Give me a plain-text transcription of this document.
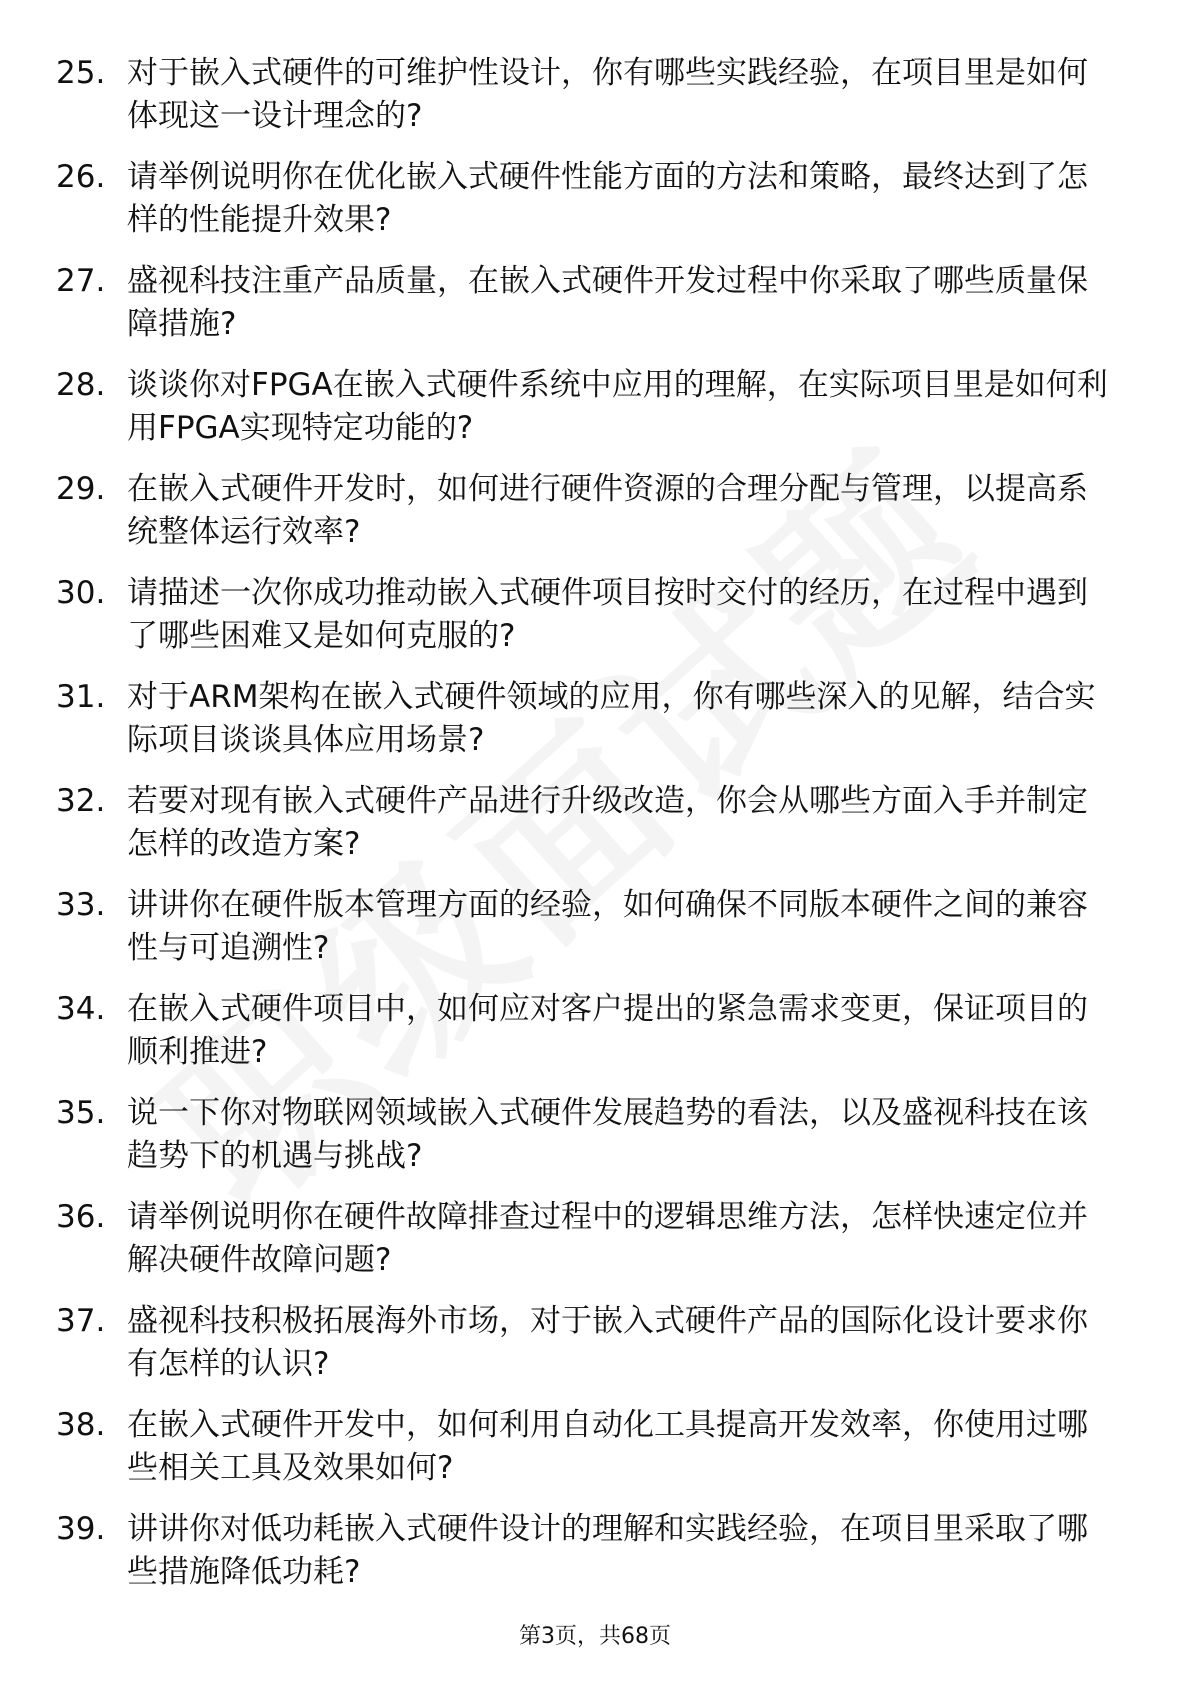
25. 对于嵌入式硬件的可维护性设计，你有哪些实践经验，在项目里是如何体现这一设计理念的?
26. 请举例说明你在优化嵌入式硬件性能方面的方法和策略，最终达到了怎样的性能提升效果?
27. 盛视科技注重产品质量，在嵌入式硬件开发过程中你采取了哪些质量保障措施?
28. 谈谈你对FPGA在嵌入式硬件系统中应用的理解，在实际项目里是如何利用FPGA实现特定功能的?
29. 在嵌入式硬件开发时，如何进行硬件资源的合理分配与管理，以提高系统整体运行效率?
30. 请描述一次你成功推动嵌入式硬件项目按时交付的经历，在过程中遇到了哪些困难又是如何克服的?
31. 对于ARM架构在嵌入式硬件领域的应用，你有哪些深入的见解，结合实际项目谈谈具体应用场景?
32. 若要对现有嵌入式硬件产品进行升级改造，你会从哪些方面入手并制定怎样的改造方案?
33. 讲讲你在硬件版本管理方面的经验，如何确保不同版本硬件之间的兼容性与可追溯性?
34. 在嵌入式硬件项目中，如何应对客户提出的紧急需求变更，保证项目的顺利推进?
35. 说一下你对物联网领域嵌入式硬件发展趋势的看法，以及盛视科技在该趋势下的机遇与挑战?
36. 请举例说明你在硬件故障排查过程中的逻辑思维方法，怎样快速定位并解决硬件故障问题?
37. 盛视科技积极拓展海外市场，对于嵌入式硬件产品的国际化设计要求你有怎样的认识?
38. 在嵌入式硬件开发中，如何利用自动化工具提高开发效率，你使用过哪些相关工具及效果如何?
39. 讲讲你对低功耗嵌入式硬件设计的理解和实践经验，在项目里采取了哪些措施降低功耗?
第3页，共68页
